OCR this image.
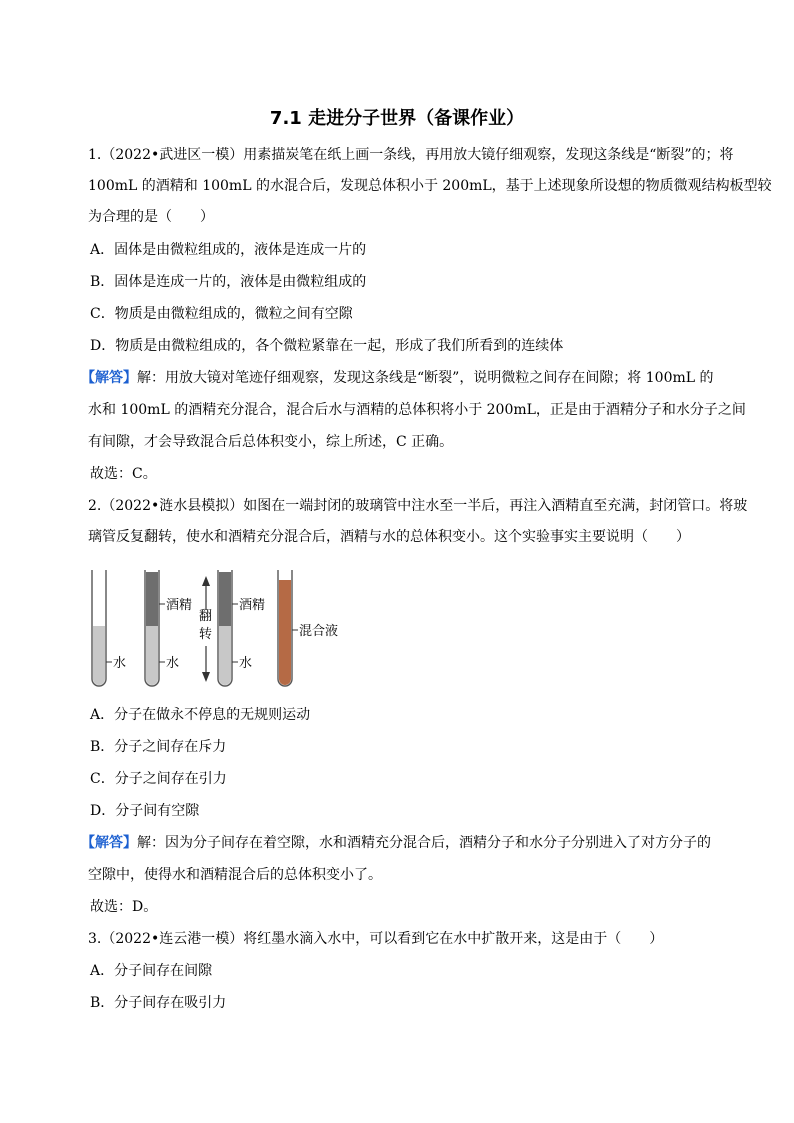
7.1 走进分子世界（备课作业）
1.（2022•武进区一模）用素描炭笔在纸上画一条线，再用放大镜仔细观察，发现这条线是“断裂”的；将
100mL 的酒精和 100mL 的水混合后，发现总体积小于 200mL，基于上述现象所设想的物质微观结构板型较
为合理的是（　　）
A．固体是由微粒组成的，液体是连成一片的
B．固体是连成一片的，液体是由微粒组成的
C．物质是由微粒组成的，微粒之间有空隙
D．物质是由微粒组成的，各个微粒紧靠在一起，形成了我们所看到的连续体
【解答】解：用放大镜对笔迹仔细观察，发现这条线是“断裂”，说明微粒之间存在间隙；将 100mL 的
水和 100mL 的酒精充分混合，混合后水与酒精的总体积将小于 200mL，正是由于酒精分子和水分子之间
有间隙，才会导致混合后总体积变小，综上所述，C 正确。
故选：C。
2.（2022•涟水县模拟）如图在一端封闭的玻璃管中注水至一半后，再注入酒精直至充满，封闭管口。将玻
璃管反复翻转，使水和酒精充分混合后，酒精与水的总体积变小。这个实验事实主要说明（　　）
水
酒精
水
翻
转
酒精
水
混合液
A．分子在做永不停息的无规则运动
B．分子之间存在斥力
C．分子之间存在引力
D．分子间有空隙
【解答】解：因为分子间存在着空隙，水和酒精充分混合后，酒精分子和水分子分别进入了对方分子的
空隙中，使得水和酒精混合后的总体积变小了。
故选：D。
3.（2022•连云港一模）将红墨水滴入水中，可以看到它在水中扩散开来，这是由于（　　）
A．分子间存在间隙
B．分子间存在吸引力
